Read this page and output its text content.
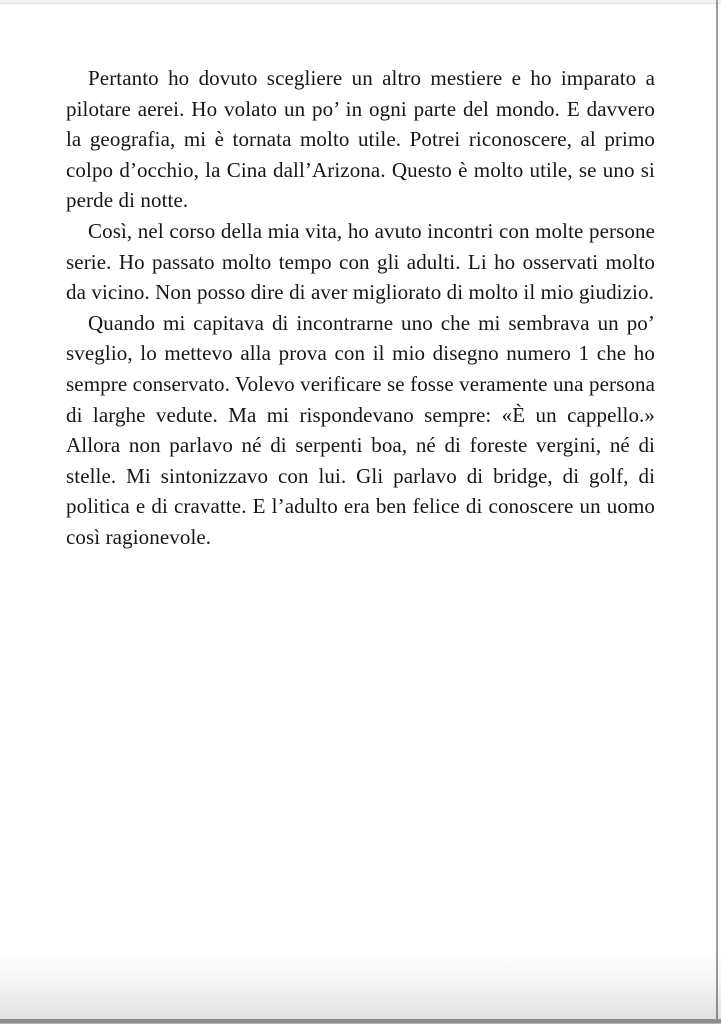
Pertanto ho dovuto scegliere un altro mestiere e ho imparato a pilotare aerei. Ho volato un po’ in ogni parte del mondo. E davvero la geografia, mi è tornata molto utile. Potrei riconoscere, al primo colpo d’occhio, la Cina dall’Arizona. Questo è molto utile, se uno si perde di notte.

Così, nel corso della mia vita, ho avuto incontri con molte persone serie. Ho passato molto tempo con gli adulti. Li ho osservati molto da vicino. Non posso dire di aver migliorato di molto il mio giudizio.

Quando mi capitava di incontrarne uno che mi sembrava un po’ sveglio, lo mettevo alla prova con il mio disegno numero 1 che ho sempre conservato. Volevo verificare se fosse veramente una persona di larghe vedute. Ma mi rispondevano sempre: «È un cappello.» Allora non parlavo né di serpenti boa, né di foreste vergini, né di stelle. Mi sintonizzavo con lui. Gli parlavo di bridge, di golf, di politica e di cravatte. E l’adulto era ben felice di conoscere un uomo così ragionevole.
